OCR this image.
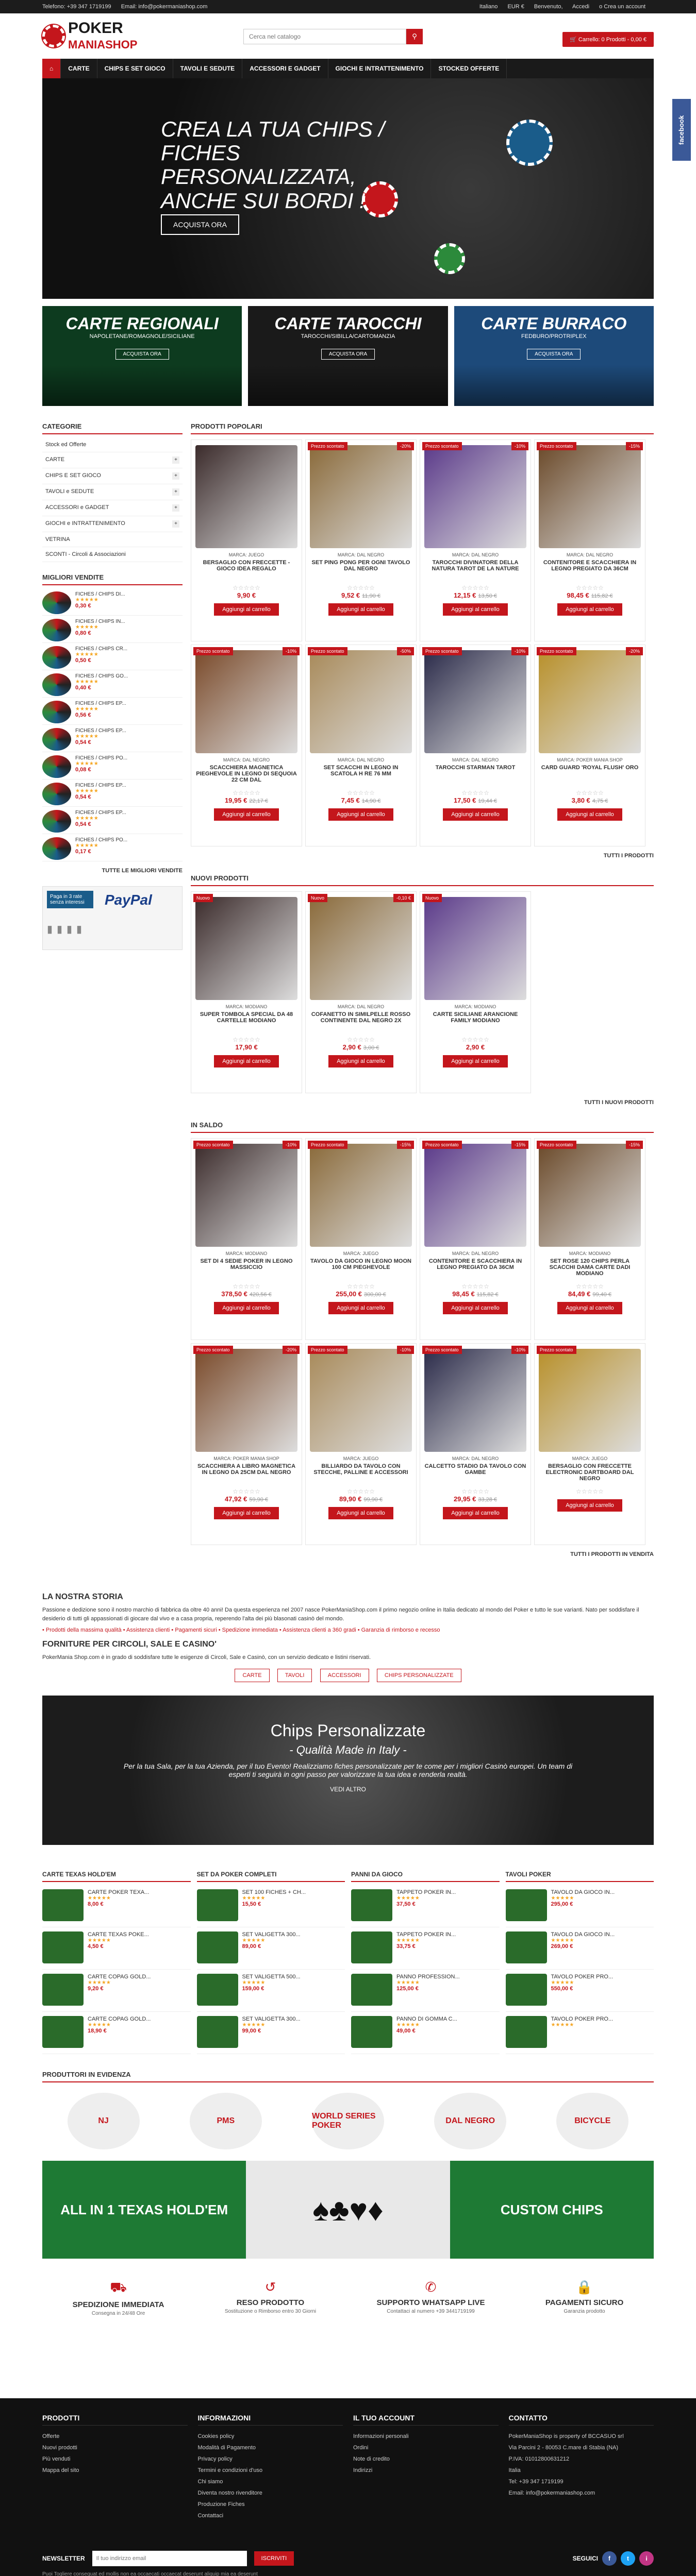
Telefono: +39 347 1719199 Email: info@pokermaniashop.com	Italiano EUR € Benvenuto, Accedi o Crea un account
POKER
MANIASHOP
Cerca nel catalogo
⚲	🛒 Carrello: 0 Prodotti - 0,00 €
⌂	CARTE	CHIPS E SET GIOCO	TAVOLI E SEDUTE	ACCESSORI E GADGET	GIOCHI E INTRATTENIMENTO	STOCKED OFFERTE
CREA LA TUA CHIPS / FICHES PERSONALIZZATA, ANCHE SUI BORDI !
ACQUISTA ORA
facebook
CARTE REGIONALI

NAPOLETANE/ROMAGNOLE/SICILIANE

ACQUISTA ORA
CARTE TAROCCHI

TAROCCHI/SIBILLA/CARTOMANZIA

ACQUISTA ORA
CARTE BURRACO

FEDBURO/PROTRIPLEX

ACQUISTA ORA
CATEGORIE
Stock ed Offerte
CARTE	+
CHIPS E SET GIOCO	+
TAVOLI e SEDUTE	+
ACCESSORI e GADGET	+
GIOCHI e INTRATTENIMENTO	+
VETRINA
SCONTI - Circoli & Associazioni
MIGLIORI VENDITE
FICHES / CHIPS DI...
★★★★★
0,30 €
FICHES / CHIPS IN...
★★★★★
0,80 €
FICHES / CHIPS CR...
★★★★★
0,50 €
FICHES / CHIPS GO...
★★★★★
0,40 €
FICHES / CHIPS EP...
★★★★★
0,56 €
FICHES / CHIPS EP...
★★★★★
0,54 €
FICHES / CHIPS PO...
★★★★★
0,08 €
FICHES / CHIPS EP...
★★★★★
0,54 €
FICHES / CHIPS EP...
★★★★★
0,54 €
FICHES / CHIPS PO...
★★★★★
0,17 €
TUTTE LE MIGLIORI VENDITE
Paga in 3 rate senza interessi	PayPal
▮▮▮▮
PRODOTTI POPOLARI
MARCA: JUEGO
BERSAGLIO CON FRECCETTE - GIOCO IDEA REGALO
☆☆☆☆☆
9,90 €
Aggiungi al carrello
Prezzo scontato	-20%
MARCA: DAL NEGRO
SET PING PONG PER OGNI TAVOLO DAL NEGRO
☆☆☆☆☆
9,52 € 11,90 €
Aggiungi al carrello
Prezzo scontato	-10%
MARCA: DAL NEGRO
TAROCCHI DIVINATORE DELLA NATURA TAROT DE LA NATURE
☆☆☆☆☆
12,15 € 13,50 €
Aggiungi al carrello
Prezzo scontato	-15%
MARCA: DAL NEGRO
CONTENITORE E SCACCHIERA IN LEGNO PREGIATO DA 36CM
☆☆☆☆☆
98,45 € 115,82 €
Aggiungi al carrello
Prezzo scontato	-10%
MARCA: DAL NEGRO
SCACCHIERA MAGNETICA PIEGHEVOLE IN LEGNO DI SEQUOIA 22 CM DAL
☆☆☆☆☆
19,95 € 22,17 €
Aggiungi al carrello
Prezzo scontato	-50%
MARCA: DAL NEGRO
SET SCACCHI IN LEGNO IN SCATOLA H RE 76 MM
☆☆☆☆☆
7,45 € 14,90 €
Aggiungi al carrello
Prezzo scontato	-10%
MARCA: DAL NEGRO
TAROCCHI STARMAN TAROT
☆☆☆☆☆
17,50 € 19,44 €
Aggiungi al carrello
Prezzo scontato	-20%
MARCA: POKER MANIA SHOP
CARD GUARD 'ROYAL FLUSH' ORO
☆☆☆☆☆
3,80 € 4,75 €
Aggiungi al carrello
TUTTI I PRODOTTI
NUOVI PRODOTTI
Nuovo
MARCA: MODIANO
SUPER TOMBOLA SPECIAL DA 48 CARTELLE MODIANO
☆☆☆☆☆
17,90 €
Aggiungi al carrello
Nuovo	-0,10 €
MARCA: DAL NEGRO
COFANETTO IN SIMILPELLE ROSSO CONTINENTE DAL NEGRO 2X
☆☆☆☆☆
2,90 € 3,00 €
Aggiungi al carrello
Nuovo
MARCA: MODIANO
CARTE SICILIANE ARANCIONE FAMILY MODIANO
☆☆☆☆☆
2,90 €
Aggiungi al carrello
TUTTI I NUOVI PRODOTTI
IN SALDO
Prezzo scontato	-10%
MARCA: MODIANO
SET DI 4 SEDIE POKER IN LEGNO MASSICCIO
☆☆☆☆☆
378,50 € 420,56 €
Aggiungi al carrello
Prezzo scontato	-15%
MARCA: JUEGO
TAVOLO DA GIOCO IN LEGNO MOON 100 CM PIEGHEVOLE
☆☆☆☆☆
255,00 € 300,00 €
Aggiungi al carrello
Prezzo scontato	-15%
MARCA: DAL NEGRO
CONTENITORE E SCACCHIERA IN LEGNO PREGIATO DA 36CM
☆☆☆☆☆
98,45 € 115,82 €
Aggiungi al carrello
Prezzo scontato	-15%
MARCA: MODIANO
SET ROSE 120 CHIPS PERLA SCACCHI DAMA CARTE DADI MODIANO
☆☆☆☆☆
84,49 € 99,40 €
Aggiungi al carrello
Prezzo scontato	-20%
MARCA: POKER MANIA SHOP
SCACCHIERA A LIBRO MAGNETICA IN LEGNO DA 25CM DAL NEGRO
☆☆☆☆☆
47,92 € 59,90 €
Aggiungi al carrello
Prezzo scontato	-10%
MARCA: JUEGO
BILLIARDO DA TAVOLO CON STECCHE, PALLINE E ACCESSORI
☆☆☆☆☆
89,90 € 99,90 €
Aggiungi al carrello
Prezzo scontato	-10%
MARCA: DAL NEGRO
CALCETTO STADIO DA TAVOLO CON GAMBE
☆☆☆☆☆
29,95 € 33,28 €
Aggiungi al carrello
Prezzo scontato
MARCA: JUEGO
BERSAGLIO CON FRECCETTE ELECTRONIC DARTBOARD DAL NEGRO
☆☆☆☆☆
Aggiungi al carrello
TUTTI I PRODOTTI IN VENDITA
LA NOSTRA STORIA

Passione e dedizione sono il nostro marchio di fabbrica da oltre 40 anni! Da questa esperienza nel 2007 nasce PokerManiaShop.com il primo negozio online in Italia dedicato al mondo del Poker e tutto le sue varianti. Nato per soddisfare il desiderio di tutti gli appassionati di giocare dal vivo e a casa propria, reperendo l'alta dei più blasonati casinò del mondo.

• Prodotti della massima qualità • Assistenza clienti • Pagamenti sicuri • Spedizione immediata • Assistenza clienti a 360 gradi • Garanzia di rimborso e recesso

FORNITURE PER CIRCOLI, SALE E CASINO'

PokerMania Shop.com è in grado di soddisfare tutte le esigenze di Circoli, Sale e Casinò, con un servizio dedicato e listini riservati.

CARTE	TAVOLI	ACCESSORI	CHIPS PERSONALIZZATE
Chips Personalizzate
- Qualità Made in Italy -

Per la tua Sala, per la tua Azienda, per il tuo Evento! Realizziamo fiches personalizzate per te come per i migliori Casinò europei. Un team di esperti ti seguirà in ogni passo per valorizzare la tua idea e renderla realtà.

VEDI ALTRO
CARTE TEXAS HOLD'EM
CARTE POKER TEXA...
★★★★★
8,00 €
CARTE TEXAS POKE...
★★★★★
4,50 €
CARTE COPAG GOLD...
★★★★★
9,20 €
CARTE COPAG GOLD...
★★★★★
18,90 €
SET DA POKER COMPLETI
SET 100 FICHES + CH...
★★★★★
15,50 €
SET VALIGETTA 300...
★★★★★
89,00 €
SET VALIGETTA 500...
★★★★★
159,00 €
SET VALIGETTA 300...
★★★★★
99,00 €
PANNI DA GIOCO
TAPPETO POKER IN...
★★★★★
37,50 €
TAPPETO POKER IN...
★★★★★
33,75 €
PANNO PROFESSION...
★★★★★
125,00 €
PANNO DI GOMMA C...
★★★★★
49,00 €
TAVOLI POKER
TAVOLO DA GIOCO IN...
★★★★★
295,00 €
TAVOLO DA GIOCO IN...
★★★★★
269,00 €
TAVOLO POKER PRO...
★★★★★
550,00 €
TAVOLO POKER PRO...
★★★★★
PRODUTTORI IN EVIDENZA
NJ	PMS
WORLD SERIES POKER
DAL NEGRO	BICYCLE
ALL IN 1 TEXAS HOLD'EM	♠♣♥♦	CUSTOM CHIPS
⛟
SPEDIZIONE IMMEDIATA
Consegna in 24/48 Ore
↺
RESO PRODOTTO
Sostituzione o Rimborso entro 30 Giorni
✆
SUPPORTO WHATSAPP LIVE
Contattaci al numero +39 3441719199
🔒
PAGAMENTI SICURO
Garanzia prodotto
PRODOTTI
Offerte
Nuovi prodotti
Più venduti
Mappa del sito
INFORMAZIONI
Cookies policy
Modalità di Pagamento
Privacy policy
Termini e condizioni d'uso
Chi siamo
Diventa nostro rivenditore
Produzione Fiches
Contattaci
IL TUO ACCOUNT
Informazioni personali
Ordini
Note di credito
Indirizzi
CONTATTO
PokerManiaShop is property of BCCASUO srl
Via Parcini 2 - 80053 C.mare di Stabia (NA)
P.IVA: 01012800631212
Italia
Tel: +39 347 1719199
Email: info@pokermaniashop.com
NEWSLETTER
Il tuo indirizzo email	ISCRIVITI	SEGUICI	f	t	i
Puoi Togliere consequat ed mollis non ea occaecati occaecat deserunt aliquip mia ea deserunt
